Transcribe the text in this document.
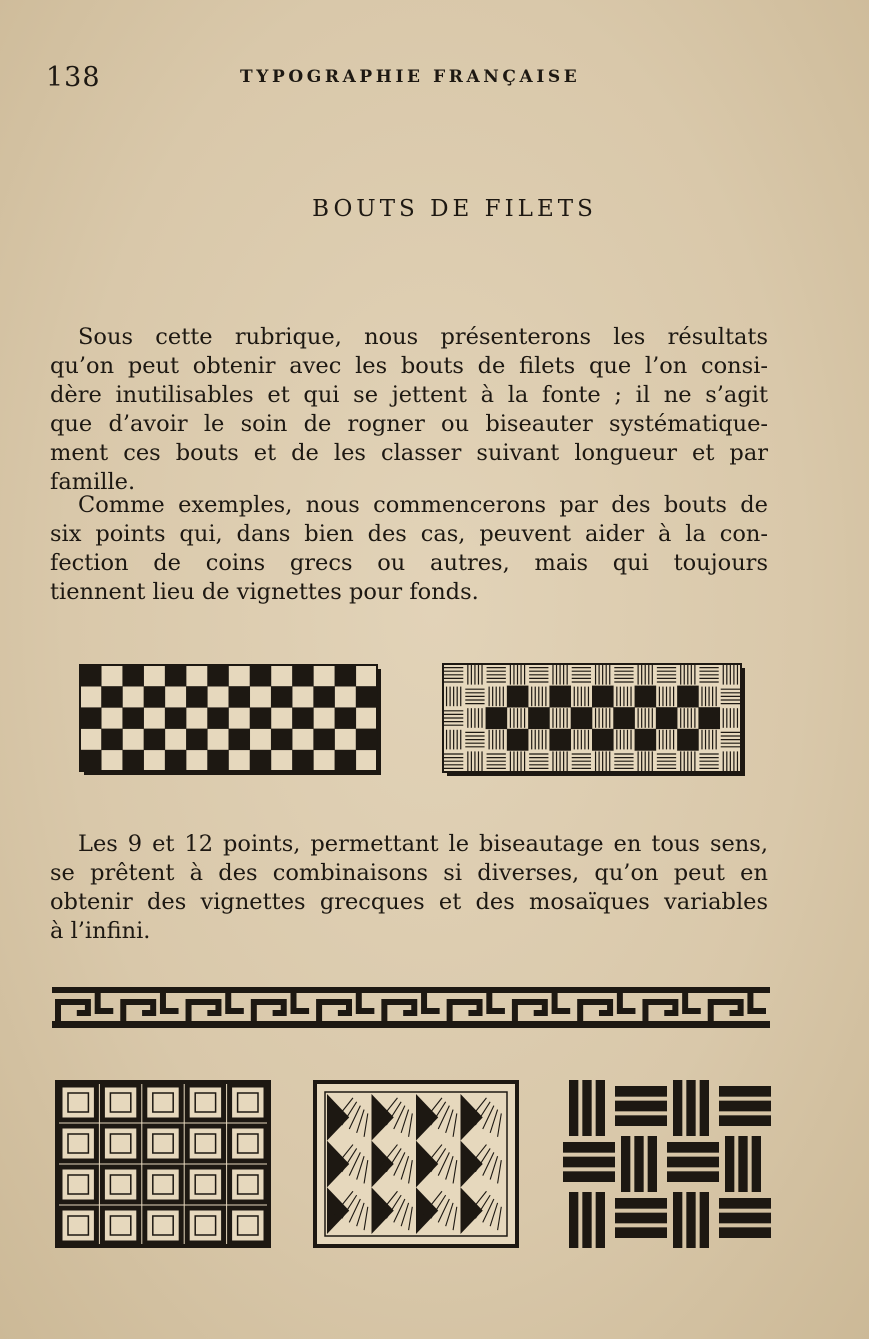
138	TYPOGRAPHIE FRANÇAISE
BOUTS DE FILETS

Sous cette rubrique, nous présenterons les résultats
qu’on peut obtenir avec les bouts de filets que l’on consi-
dère inutilisables et qui se jettent à la fonte ; il ne s’agit
que d’avoir le soin de rogner ou biseauter systématique-
ment ces bouts et de les classer suivant longueur et par
famille.

Comme exemples, nous commencerons par des bouts de
six points qui, dans bien des cas, peuvent aider à la con-
fection de coins grecs ou autres, mais qui toujours
tiennent lieu de vignettes pour fonds.

Les 9 et 12 points, permettant le biseautage en tous sens,
se prêtent à des combinaisons si diverses, qu’on peut en
obtenir des vignettes grecques et des mosaïques variables
à l’infini.
